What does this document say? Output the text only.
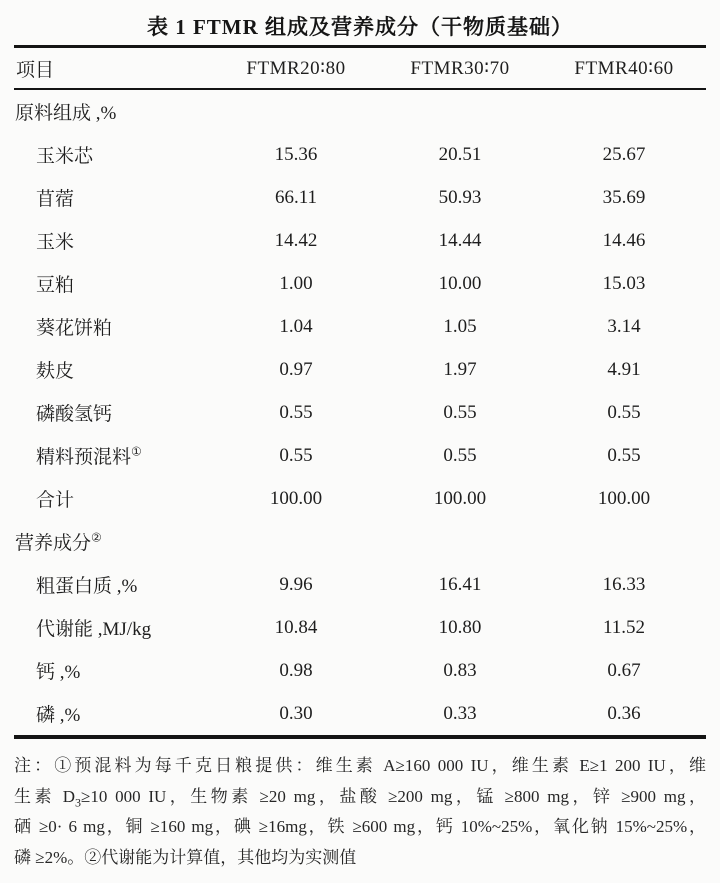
表 1 FTMR 组成及营养成分（干物质基础）
项目	FTMR20∶80	FTMR30∶70	FTMR40∶60
原料组成 ,%
玉米芯	15.36	20.51	25.67
苜蓿	66.11	50.93	35.69
玉米	14.42	14.44	14.46
豆粕	1.00	10.00	15.03
葵花饼粕	1.04	1.05	3.14
麸皮	0.97	1.97	4.91
磷酸氢钙	0.55	0.55	0.55
精料预混料①	0.55	0.55	0.55
合计	100.00	100.00	100.00
营养成分②
粗蛋白质 ,%	9.96	16.41	16.33
代谢能 ,MJ/kg	10.84	10.80	11.52
钙 ,%	0.98	0.83	0.67
磷 ,%	0.30	0.33	0.36
注：①预混料为每千克日粮提供：维生素 A≥160 000 IU，维生素 E≥1 200 IU，维
生素 $D_3\ge 10$ 000 IU，生物素 ≥20 mg，盐酸 ≥200 mg，锰 ≥800 mg，锌 ≥900 mg，
硒 ≥0· 6 mg，铜 ≥160 mg，碘 ≥16mg，铁 ≥600 mg，钙 10%~25%，氧化钠 15%~25%，
磷 ≥2%。②代谢能为计算值，其他均为实测值
